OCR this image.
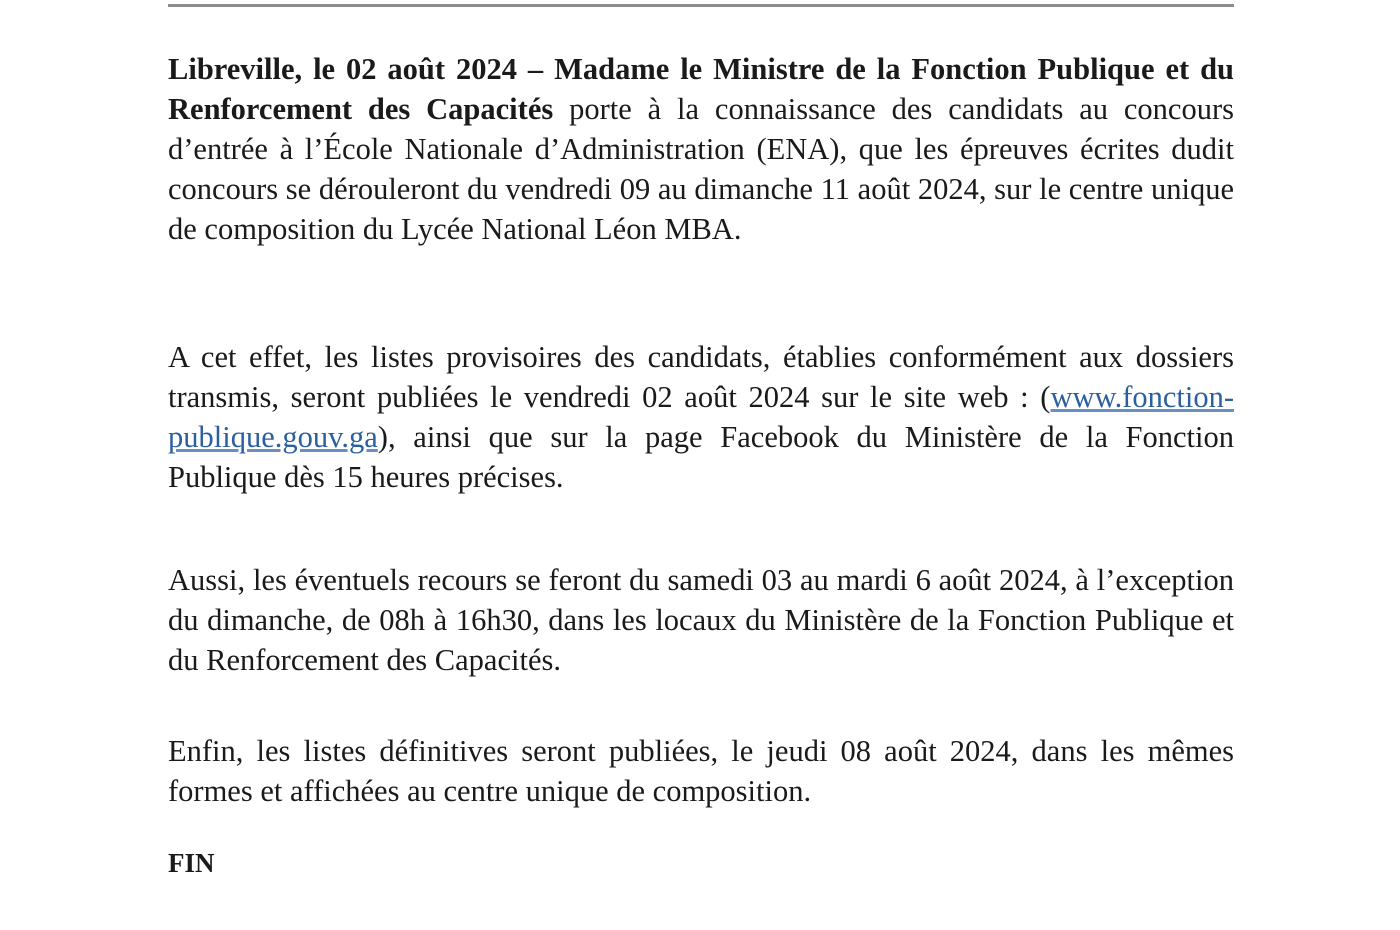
Libreville, le 02 août 2024 – Madame le Ministre de la Fonction Publique et du Renforcement des Capacités porte à la connaissance des candidats au concours d’entrée à l’École Nationale d’Administration (ENA), que les épreuves écrites dudit concours se dérouleront du vendredi 09 au dimanche 11 août 2024, sur le centre unique de composition du Lycée National Léon MBA.

A cet effet, les listes provisoires des candidats, établies conformément aux dossiers transmis, seront publiées le vendredi 02 août 2024 sur le site web : (www.fonction-publique.gouv.ga), ainsi que sur la page Facebook du Ministère de la Fonction Publique dès 15 heures précises.

Aussi, les éventuels recours se feront du samedi 03 au mardi 6 août 2024, à l’exception du dimanche, de 08h à 16h30, dans les locaux du Ministère de la Fonction Publique et du Renforcement des Capacités.

Enfin, les listes définitives seront publiées, le jeudi 08 août 2024, dans les mêmes formes et affichées au centre unique de composition.

FIN
